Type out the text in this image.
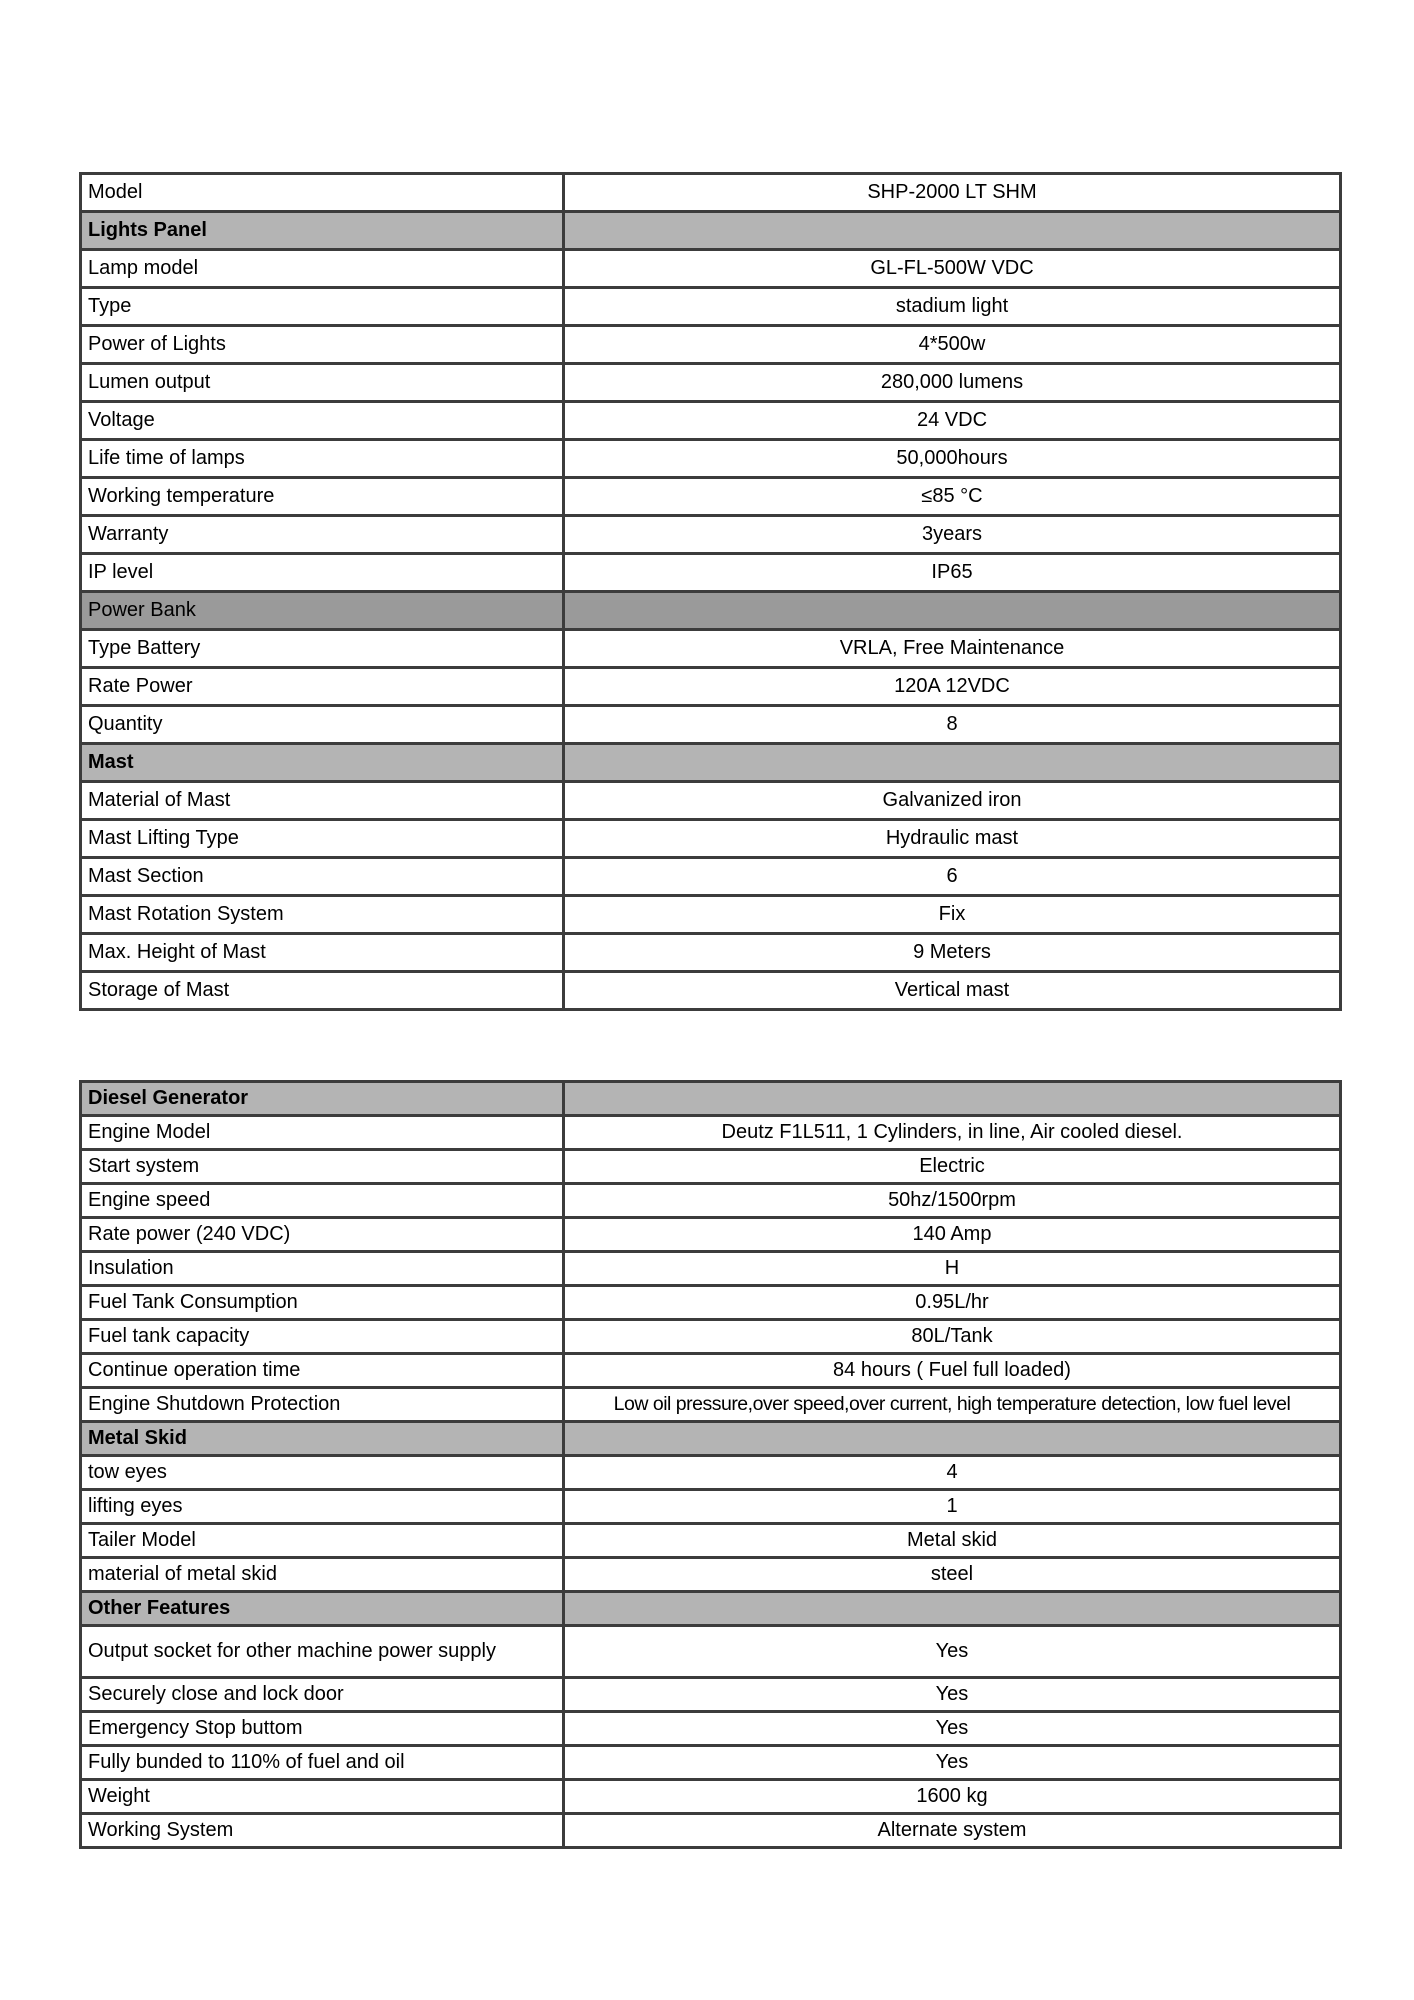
Model	SHP-2000 LT SHM
Lights Panel	
Lamp model	GL-FL-500W VDC
Type	stadium light
Power of Lights	4*500w
Lumen output	280,000 lumens
Voltage	24 VDC
Life time of lamps	50,000hours
Working temperature	≤85 °C
Warranty	3years
IP level	IP65
Power Bank	
Type Battery	VRLA, Free Maintenance
Rate Power	120A 12VDC
Quantity	8
Mast	
Material of Mast	Galvanized iron
Mast Lifting Type	Hydraulic mast
Mast Section	6
Mast Rotation System	Fix
Max. Height of Mast	9 Meters
Storage of Mast	Vertical mast
Diesel Generator	
Engine Model	Deutz F1L511, 1 Cylinders, in line, Air cooled diesel.
Start system	Electric
Engine speed	50hz/1500rpm
Rate power (240 VDC)	140 Amp
Insulation	H
Fuel Tank Consumption	0.95L/hr
Fuel tank capacity	80L/Tank
Continue operation time	84 hours ( Fuel full loaded)
Engine Shutdown Protection	Low oil pressure,over speed,over current, high temperature detection, low fuel level
Metal Skid	
tow eyes	4
lifting eyes	1
Tailer Model	Metal skid
material of metal skid	steel
Other Features	
Output socket for other machine power supply	Yes
Securely close and lock door	Yes
Emergency Stop buttom	Yes
Fully bunded to 110% of fuel and oil	Yes
Weight	1600 kg
Working System	Alternate system
